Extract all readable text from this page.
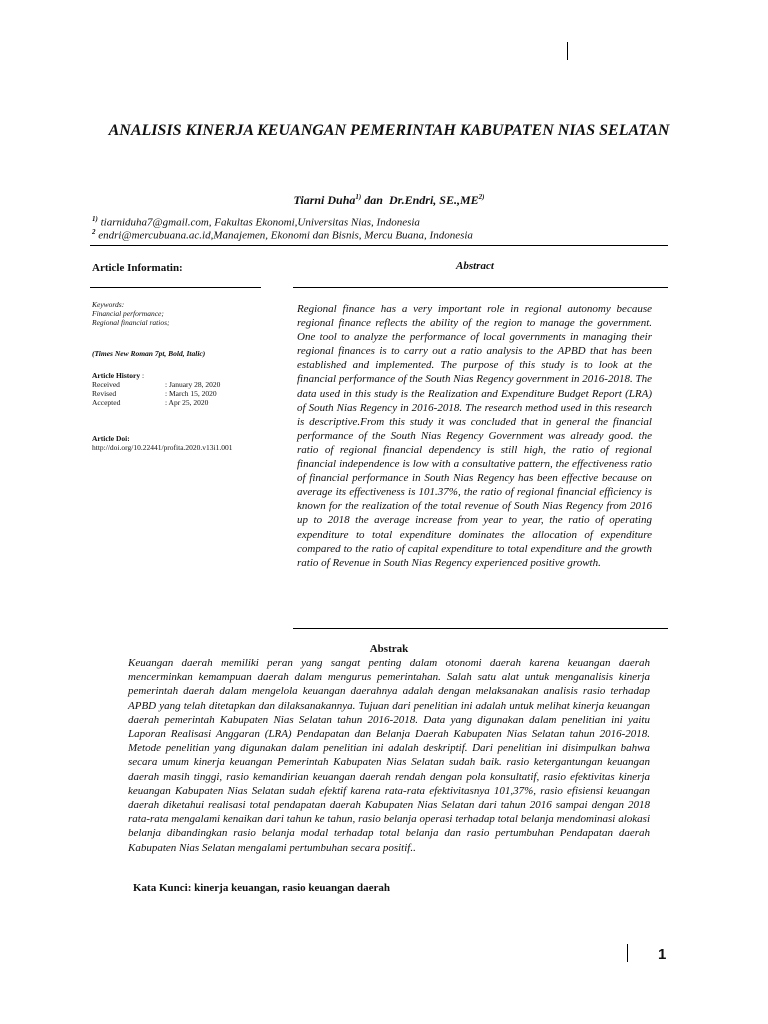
ANALISIS KINERJA KEUANGAN PEMERINTAH KABUPATEN NIAS SELATAN
Tiarni Duha$^{1)}$ dan  Dr.Endri, SE.,ME$^{2)}$
$^{1)}$ tiarniduha7@gmail.com, Fakultas Ekonomi,Universitas Nias, Indonesia
$^2$ endri@mercubuana.ac.id,Manajemen, Ekonomi dan Bisnis, Mercu Buana, Indonesia
Article Informatin:	Abstract
Keywords:
Financial performance;
Regional financial ratios;
(Times New Roman 7pt, Bold, Italic)
Article History :
Received	: January 28, 2020
Revised	: March 15, 2020
Accepted	: Apr 25, 2020
Article Doi:
http://doi.org/10.22441/profita.2020.v13i1.001
Regional finance has a very important role in regional autonomy because regional finance reflects the ability of the region to manage the government. One tool to analyze the performance of local governments in managing their regional finances is to carry out a ratio analysis to the APBD that has been established and implemented. The purpose of this study is to look at the financial performance of the South Nias Regency government in 2016-2018. The data used in this study is the Realization and Expenditure Budget Report (LRA) of South Nias Regency in 2016-2018. The research method used in this research is descriptive.From this study it was concluded that in general the financial performance of the South Nias Regency Government was already good. the ratio of regional financial dependency is still high, the ratio of regional financial independence is low with a consultative pattern, the effectiveness ratio of financial performance in South Nias Regency has been effective because on average its effectiveness is 101.37%, the ratio of regional financial efficiency is known for the realization of the total revenue of South Nias Regency from 2016 up to 2018 the average increase from year to year, the ratio of operating expenditure to total expenditure dominates the allocation of expenditure compared to the ratio of capital expenditure to total expenditure and the growth ratio of Revenue in South Nias Regency experienced positive growth.
Abstrak
Keuangan daerah memiliki peran yang sangat penting dalam otonomi daerah karena keuangan daerah mencerminkan kemampuan daerah dalam mengurus pemerintahan. Salah satu alat untuk menganalisis kinerja pemerintah daerah dalam mengelola keuangan daerahnya adalah dengan melaksanakan analisis rasio terhadap APBD yang telah ditetapkan dan dilaksanakannya. Tujuan dari penelitian ini adalah untuk melihat kinerja keuangan daerah pemerintah Kabupaten Nias Selatan tahun 2016-2018. Data yang digunakan dalam penelitian ini yaitu Laporan Realisasi Anggaran (LRA) Pendapatan dan Belanja Daerah Kabupaten Nias Selatan tahun 2016-2018. Metode penelitian yang digunakan dalam penelitian ini adalah deskriptif. Dari penelitian ini disimpulkan bahwa secara umum kinerja keuangan Pemerintah Kabupaten Nias Selatan sudah baik. rasio ketergantungan keuangan daerah masih tinggi, rasio kemandirian keuangan daerah rendah dengan pola konsultatif, rasio efektivitas kinerja keuangan Kabupaten Nias Selatan sudah efektif karena rata-rata efektivitasnya 101,37%, rasio efisiensi keuangan daerah diketahui realisasi total pendapatan daerah Kabupaten Nias Selatan dari tahun 2016 sampai dengan 2018 rata-rata mengalami kenaikan dari tahun ke tahun, rasio belanja operasi terhadap total belanja mendominasi alokasi belanja dibandingkan rasio belanja modal terhadap total belanja dan rasio pertumbuhan Pendapatan daerah Kabupaten Nias Selatan mengalami pertumbuhan secara positif..
Kata Kunci: kinerja keuangan, rasio keuangan daerah
1
